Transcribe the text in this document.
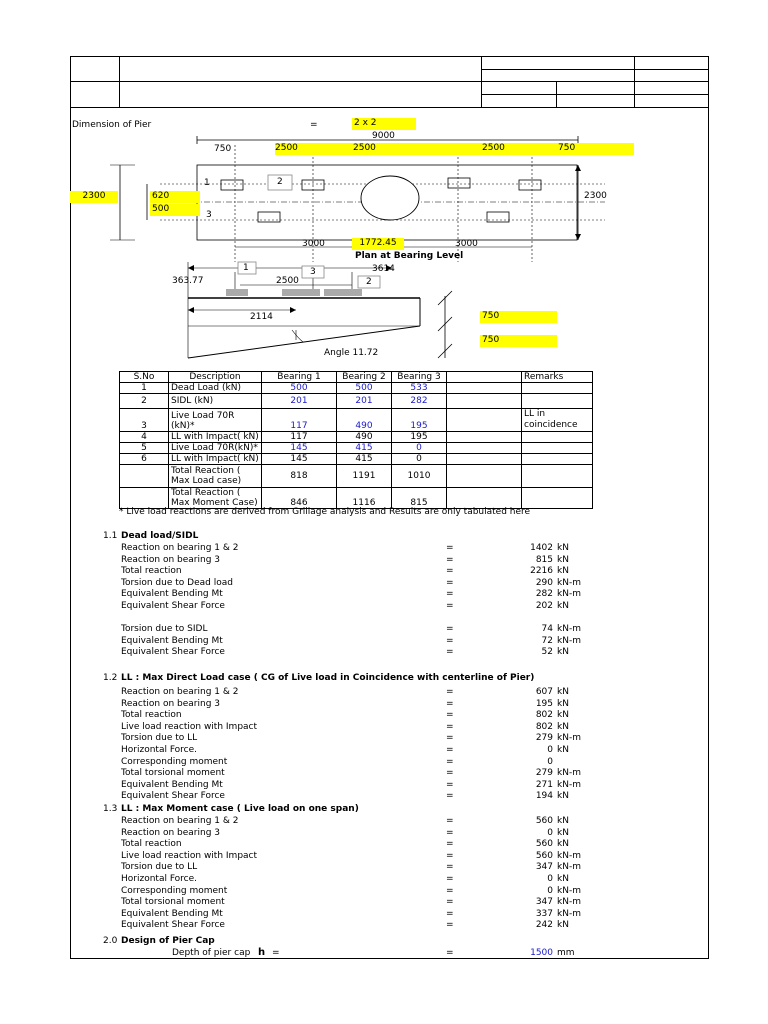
Dimension of Pier	=	2 x 2
9000
750	2500	2500	2500	750
2300	620
500
2300
1	2
3
3000	1772.45	3000
Plan at Bearing Level
3614
1	3
2
363.77	2500
2114
Angle 11.72
750
750
S.No	Description	Bearing 1	Bearing 2	Bearing 3		Remarks
1	Dead Load (kN)	500	500	533		
2	SIDL (kN)	201	201	282		
3	Live Load 70R (kN)*	117	490	195		LL in coincidence
4	LL with Impact( kN)	117	490	195		
5	Live Load 70R(kN)*	145	415	0		
6	LL with Impact( kN)	145	415	0		
	Total Reaction ( Max Load case)	818	1191	1010		
	Total Reaction ( Max Moment Case)	846	1116	815		
* Live load reactions are derived from Grillage analysis and Results are only tabulated here
1.1 Dead load/SIDL
Reaction on bearing 1 & 2	=	1402 kN
Reaction on bearing 3	=	815 kN
Total reaction	=	2216 kN
Torsion due to Dead load	=	290 kN-m
Equivalent Bending Mt	=	282 kN-m
Equivalent Shear Force	=	202 kN
Torsion due to SIDL	=	74 kN-m
Equivalent Bending Mt	=	72 kN-m
Equivalent Shear Force	=	52 kN
1.2 LL : Max Direct Load case ( CG of Live load in Coincidence with centerline of Pier)
Reaction on bearing 1 & 2	=	607 kN
Reaction on bearing 3	=	195 kN
Total reaction	=	802 kN
Live load reaction with Impact	=	802 kN
Torsion due to LL	=	279 kN-m
Horizontal Force.	=	0 kN
Corresponding moment	=	0
Total torsional moment	=	279 kN-m
Equivalent Bending Mt	=	271 kN-m
Equivalent Shear Force	=	194 kN
1.3 LL : Max Moment case ( Live load on one span)
Reaction on bearing 1 & 2	=	560 kN
Reaction on bearing 3	=	0 kN
Total reaction	=	560 kN
Live load reaction with Impact	=	560 kN-m
Torsion due to LL	=	347 kN-m
Horizontal Force.	=	0 kN
Corresponding moment	=	0 kN-m
Total torsional moment	=	347 kN-m
Equivalent Bending Mt	=	337 kN-m
Equivalent Shear Force	=	242 kN
2.0 Design of Pier Cap
Depth of pier cap h =	=	1500 mm
